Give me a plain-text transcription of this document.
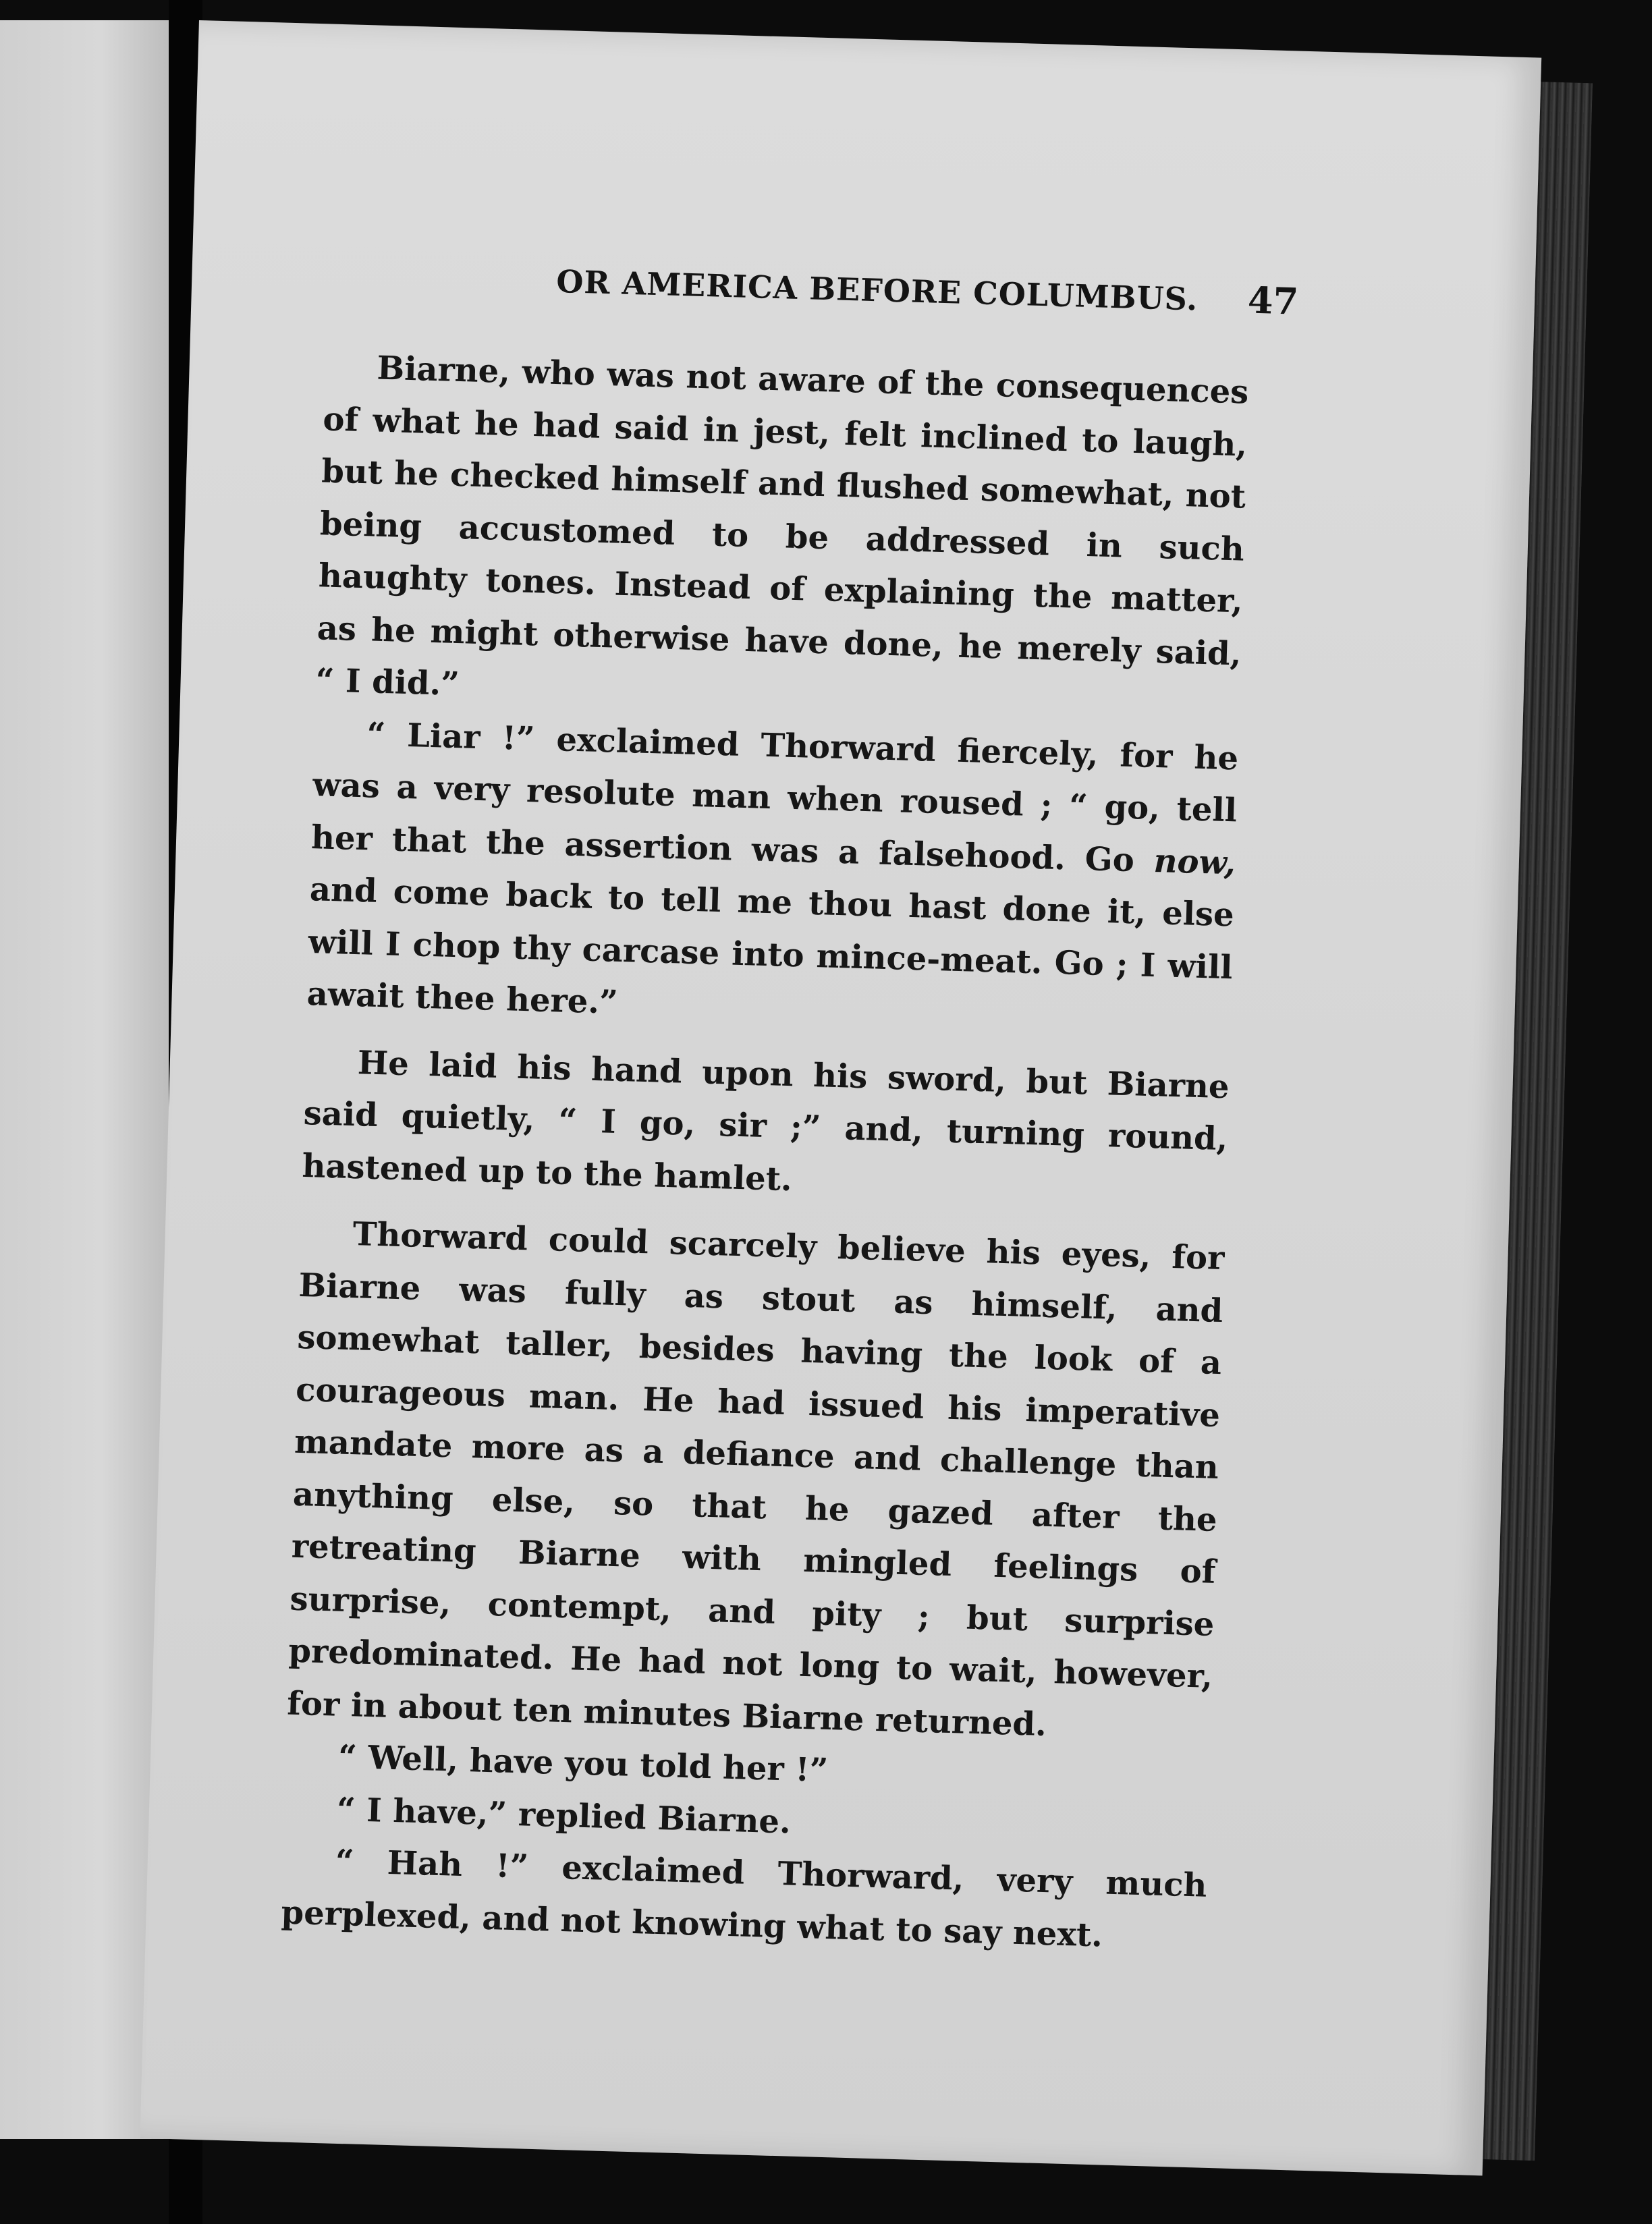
OR AMERICA BEFORE COLUMBUS. 47

Biarne, who was not aware of the consequences of what he had said in jest, felt inclined to laugh, but he checked himself and flushed somewhat, not being accustomed to be addressed in such haughty tones. Instead of explaining the matter, as he might otherwise have done, he merely said, “ I did.”

“ Liar !” exclaimed Thorward fiercely, for he was a very resolute man when roused ; “ go, tell her that the assertion was a falsehood. Go now, and come back to tell me thou hast done it, else will I chop thy carcase into mince-meat. Go ; I will await thee here.”

He laid his hand upon his sword, but Biarne said quietly, “ I go, sir ;” and, turning round, hastened up to the hamlet.

Thorward could scarcely believe his eyes, for Biarne was fully as stout as himself, and somewhat taller, besides having the look of a courageous man. He had issued his imperative mandate more as a defiance and challenge than anything else, so that he gazed after the retreating Biarne with mingled feelings of surprise, contempt, and pity ; but surprise predominated. He had not long to wait, however, for in about ten minutes Biarne returned.

“ Well, have you told her !”

“ I have,” replied Biarne.

“ Hah !” exclaimed Thorward, very much perplexed, and not knowing what to say next.
